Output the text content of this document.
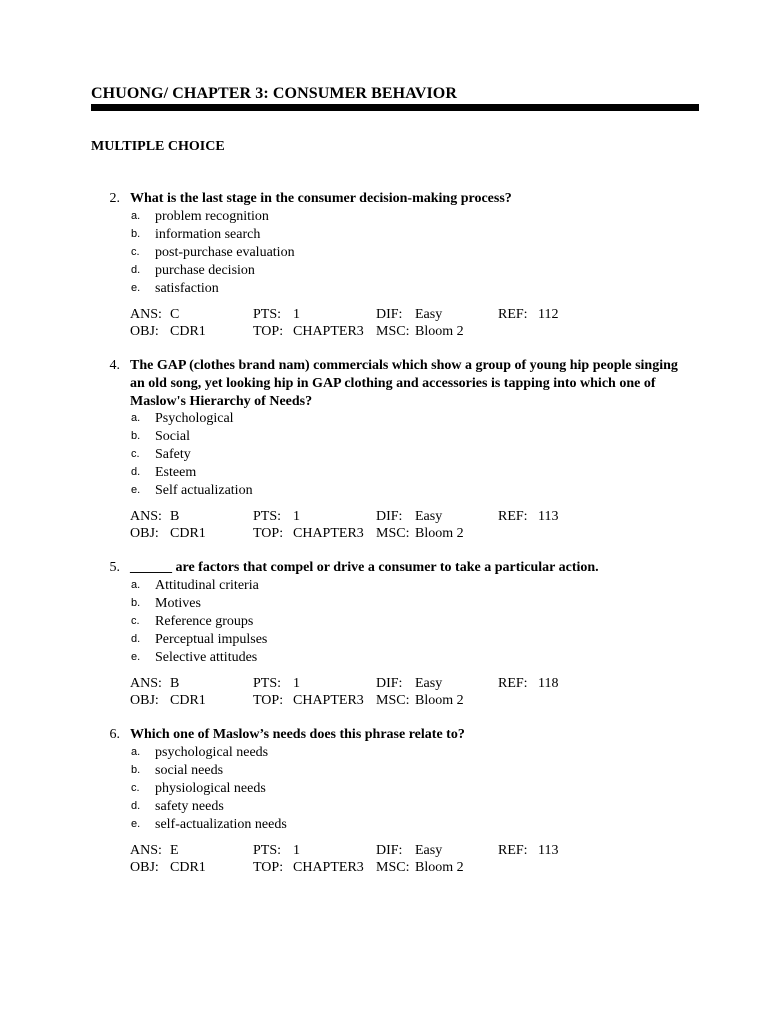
CHUONG/ CHAPTER 3: CONSUMER BEHAVIOR
MULTIPLE CHOICE
2. What is the last stage in the consumer decision-making process?
a.	problem recognition
b.	information search
c.	post-purchase evaluation
d.	purchase decision
e.	satisfaction
ANS: C	PTS: 1	DIF: Easy	REF: 112
OBJ: CDR1	TOP: CHAPTER3 MSC: Bloom 2
4. The GAP (clothes brand nam) commercials which show a group of young hip people singing an old song, yet looking hip in GAP clothing and accessories is tapping into which one of Maslow's Hierarchy of Needs?
a.	Psychological
b.	Social
c.	Safety
d.	Esteem
e.	Self actualization
ANS: B	PTS: 1	DIF: Easy	REF: 113
OBJ: CDR1	TOP: CHAPTER3 MSC: Bloom 2
5. ______ are factors that compel or drive a consumer to take a particular action.
a.	Attitudinal criteria
b.	Motives
c.	Reference groups
d.	Perceptual impulses
e.	Selective attitudes
ANS: B	PTS: 1	DIF: Easy	REF: 118
OBJ: CDR1	TOP: CHAPTER3 MSC: Bloom 2
6. Which one of Maslow’s needs does this phrase relate to?
a.	psychological needs
b.	social needs
c.	physiological needs
d.	safety needs
e.	self-actualization needs
ANS: E	PTS: 1	DIF: Easy	REF: 113
OBJ: CDR1	TOP: CHAPTER3 MSC: Bloom 2
